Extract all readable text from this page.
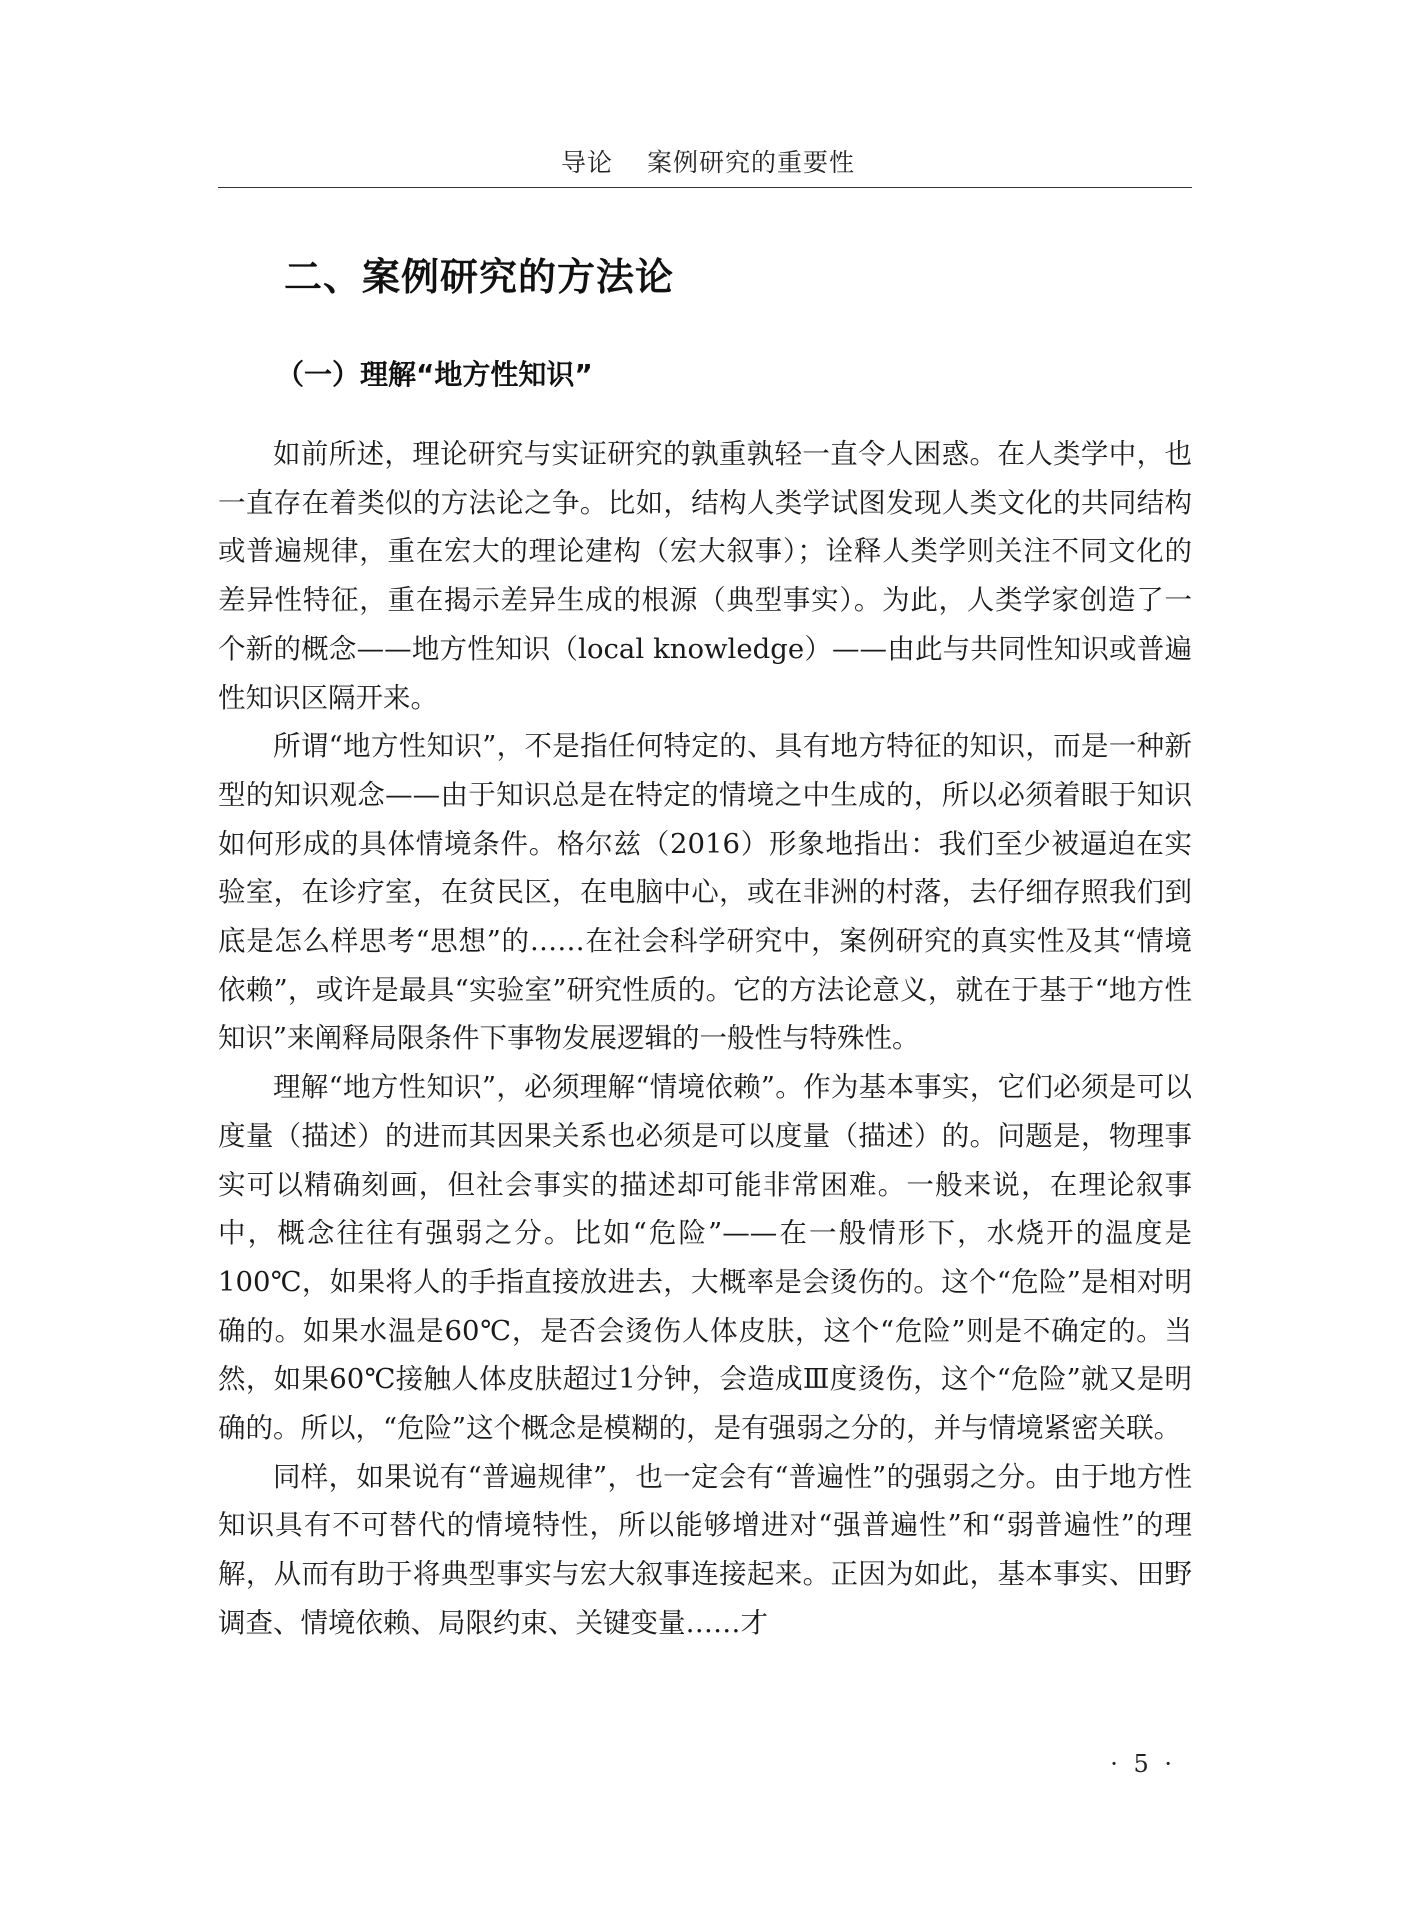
导论 案例研究的重要性
二、案例研究的方法论
（一）理解“地方性知识”

如前所述，理论研究与实证研究的孰重孰轻一直令人困惑。在人类学中，也一直存在着类似的方法论之争。比如，结构人类学试图发现人类文化的共同结构或普遍规律，重在宏大的理论建构（宏大叙事）；诠释人类学则关注不同文化的差异性特征，重在揭示差异生成的根源（典型事实）。为此，人类学家创造了一个新的概念——地方性知识（local knowledge）——由此与共同性知识或普遍性知识区隔开来。

所谓“地方性知识”，不是指任何特定的、具有地方特征的知识，而是一种新型的知识观念——由于知识总是在特定的情境之中生成的，所以必须着眼于知识如何形成的具体情境条件。格尔兹（2016）形象地指出：我们至少被逼迫在实验室，在诊疗室，在贫民区，在电脑中心，或在非洲的村落，去仔细存照我们到底是怎么样思考“思想”的……在社会科学研究中，案例研究的真实性及其“情境依赖”，或许是最具“实验室”研究性质的。它的方法论意义，就在于基于“地方性知识”来阐释局限条件下事物发展逻辑的一般性与特殊性。

理解“地方性知识”，必须理解“情境依赖”。作为基本事实，它们必须是可以度量（描述）的进而其因果关系也必须是可以度量（描述）的。问题是，物理事实可以精确刻画，但社会事实的描述却可能非常困难。一般来说，在理论叙事中，概念往往有强弱之分。比如“危险”——在一般情形下，水烧开的温度是100℃，如果将人的手指直接放进去，大概率是会烫伤的。这个“危险”是相对明确的。如果水温是60℃，是否会烫伤人体皮肤，这个“危险”则是不确定的。当然，如果60℃接触人体皮肤超过1分钟，会造成Ⅲ度烫伤，这个“危险”就又是明确的。所以，“危险”这个概念是模糊的，是有强弱之分的，并与情境紧密关联。

同样，如果说有“普遍规律”，也一定会有“普遍性”的强弱之分。由于地方性知识具有不可替代的情境特性，所以能够增进对“强普遍性”和“弱普遍性”的理解，从而有助于将典型事实与宏大叙事连接起来。正因为如此，基本事实、田野调查、情境依赖、局限约束、关键变量……才

· 5 ·
